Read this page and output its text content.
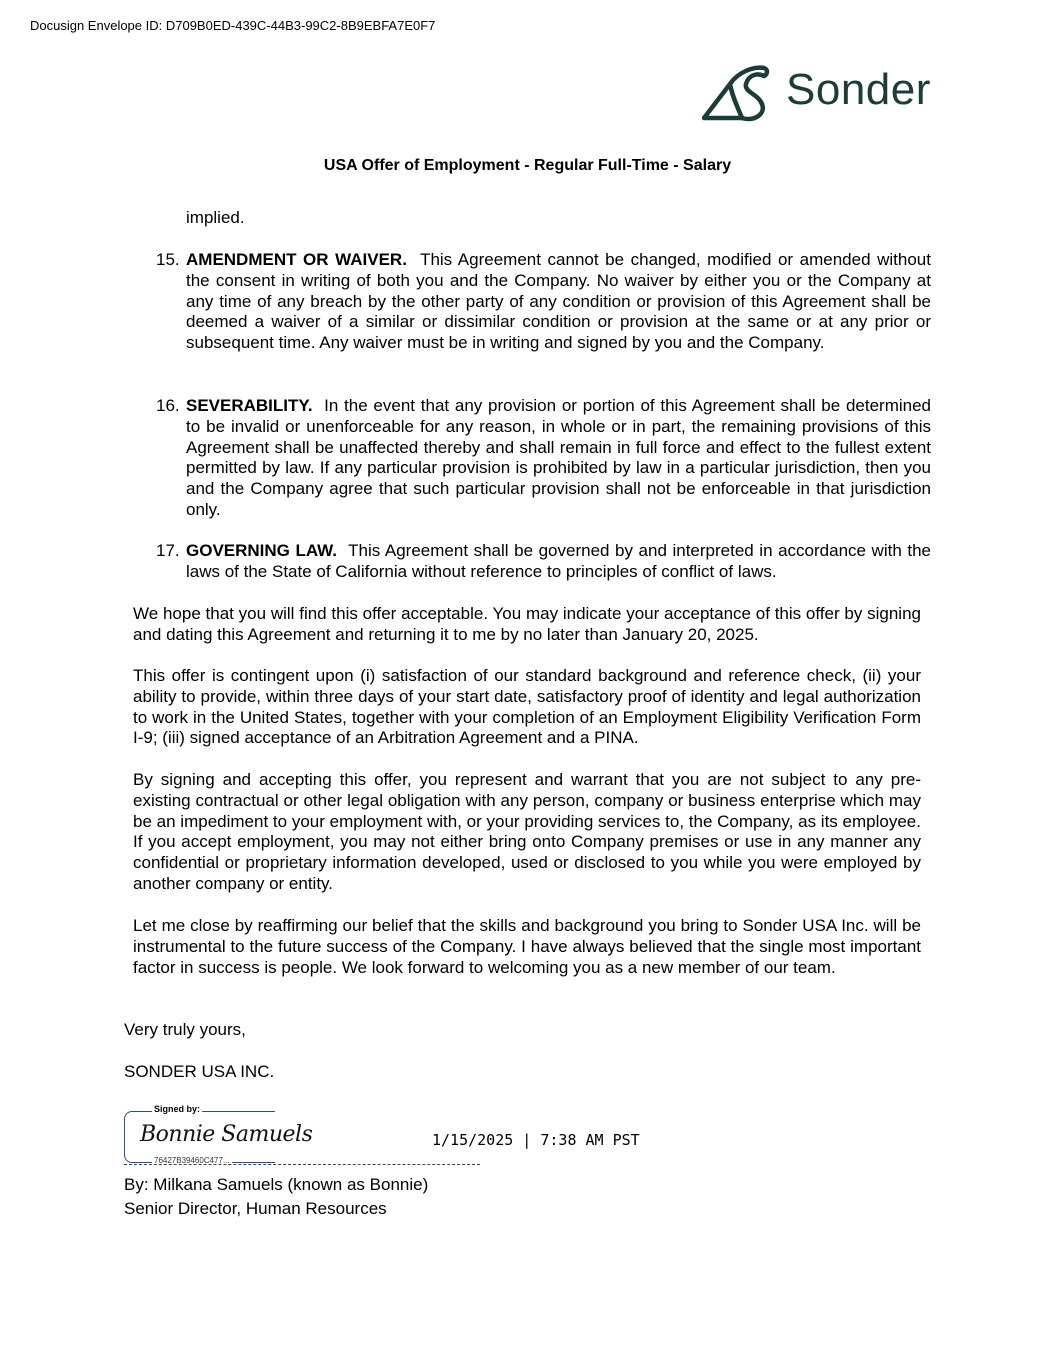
Docusign Envelope ID: D709B0ED-439C-44B3-99C2-8B9EBFA7E0F7
Sonder
USA Offer of Employment - Regular Full-Time - Salary
implied.
15. AMENDMENT OR WAIVER. This Agreement cannot be changed, modified or amended without the consent in writing of both you and the Company. No waiver by either you or the Company at any time of any breach by the other party of any condition or provision of this Agreement shall be deemed a waiver of a similar or dissimilar condition or provision at the same or at any prior or subsequent time. Any waiver must be in writing and signed by you and the Company.

16. SEVERABILITY. In the event that any provision or portion of this Agreement shall be determined to be invalid or unenforceable for any reason, in whole or in part, the remaining provisions of this Agreement shall be unaffected thereby and shall remain in full force and effect to the fullest extent permitted by law. If any particular provision is prohibited by law in a particular jurisdiction, then you and the Company agree that such particular provision shall not be enforceable in that jurisdiction only.

17. GOVERNING LAW. This Agreement shall be governed by and interpreted in accordance with the laws of the State of California without reference to principles of conflict of laws.

We hope that you will find this offer acceptable. You may indicate your acceptance of this offer by signing and dating this Agreement and returning it to me by no later than January 20, 2025.

This offer is contingent upon (i) satisfaction of our standard background and reference check, (ii) your ability to provide, within three days of your start date, satisfactory proof of identity and legal authorization to work in the United States, together with your completion of an Employment Eligibility Verification Form I-9; (iii) signed acceptance of an Arbitration Agreement and a PINA.

By signing and accepting this offer, you represent and warrant that you are not subject to any pre-existing contractual or other legal obligation with any person, company or business enterprise which may be an impediment to your employment with, or your providing services to, the Company, as its employee. If you accept employment, you may not either bring onto Company premises or use in any manner any confidential or proprietary information developed, used or disclosed to you while you were employed by another company or entity.

Let me close by reaffirming our belief that the skills and background you bring to Sonder USA Inc. will be instrumental to the future success of the Company. I have always believed that the single most important factor in success is people. We look forward to welcoming you as a new member of our team.

Very truly yours,
SONDER USA INC.
Signed by:
Bonnie Samuels
76427B39460C477...
1/15/2025 | 7:38 AM PST
By: Milkana Samuels (known as Bonnie)
Senior Director, Human Resources
